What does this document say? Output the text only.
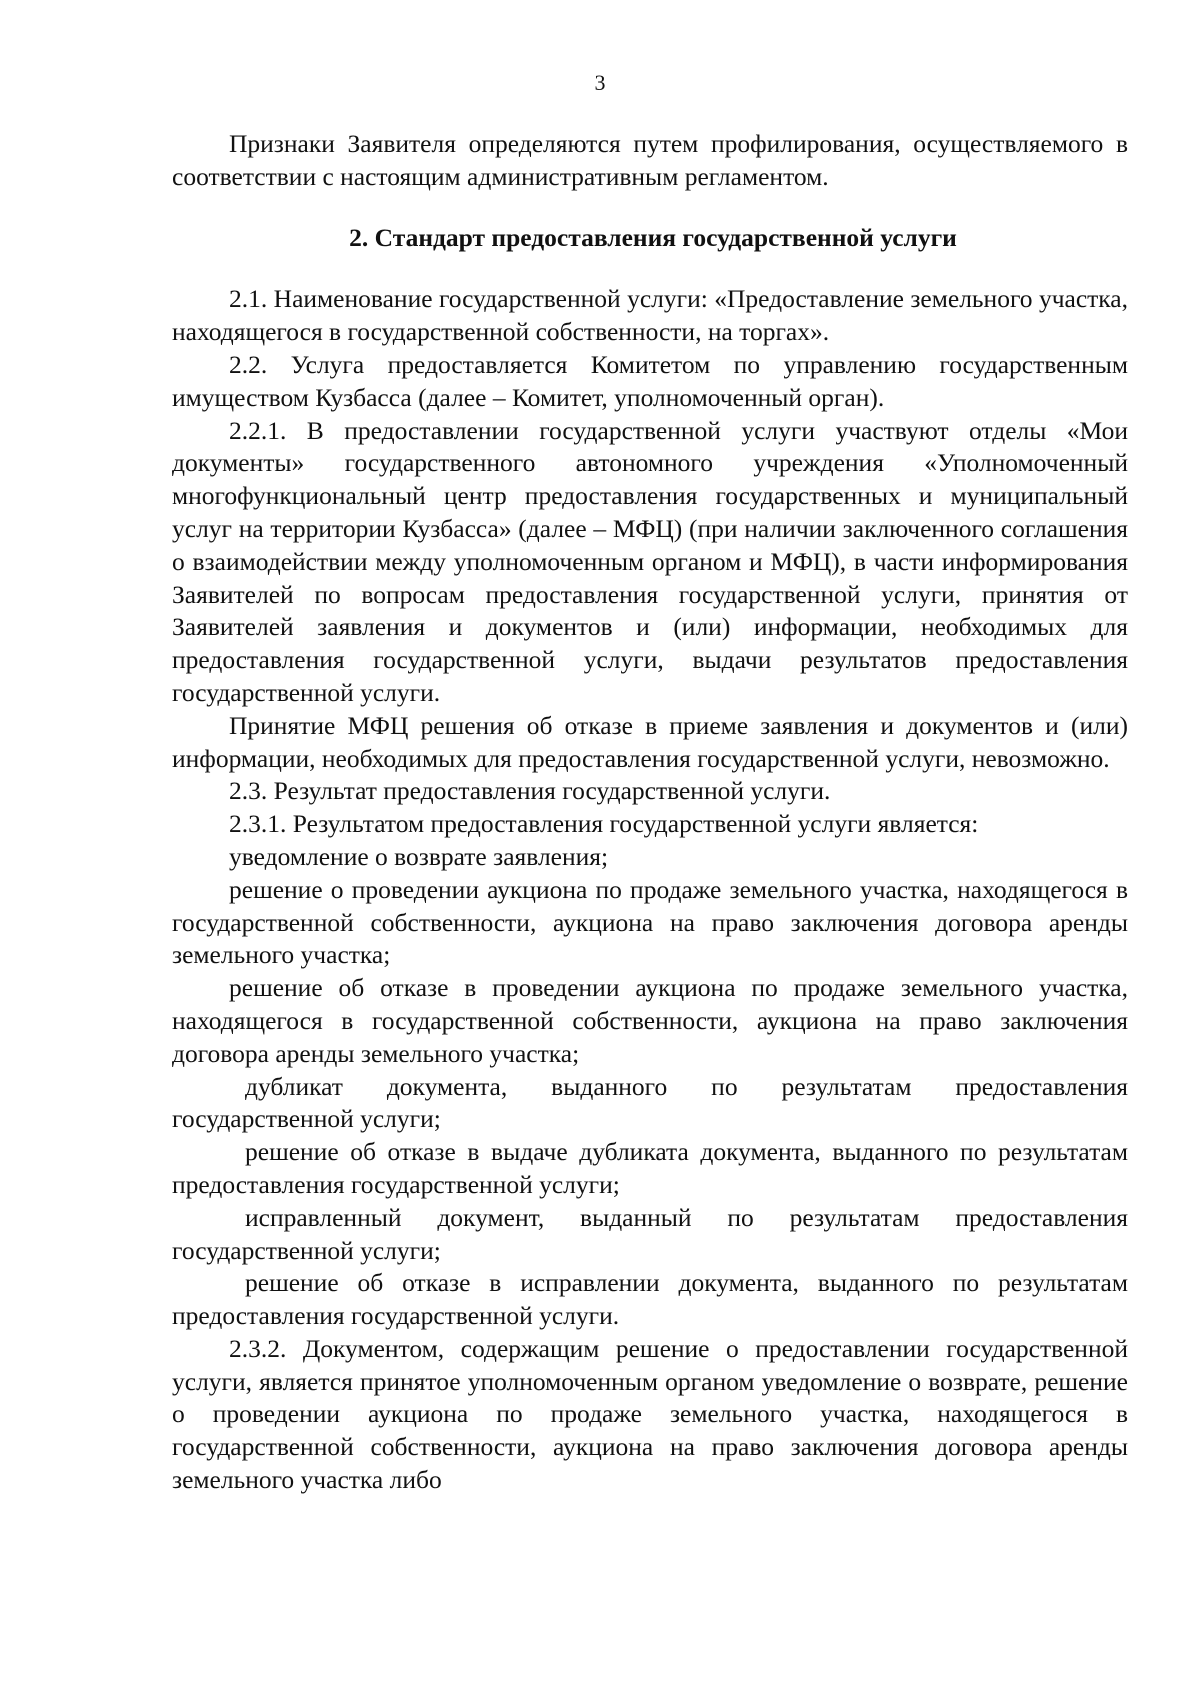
3

Признаки Заявителя определяются путем профилирования, осуществляемого в соответствии с настоящим административным регламентом.

2. Стандарт предоставления государственной услуги

2.1. Наименование государственной услуги: «Предоставление земельного участка, находящегося в государственной собственности, на торгах».

2.2. Услуга предоставляется Комитетом по управлению государственным имуществом Кузбасса (далее – Комитет, уполномоченный орган).

2.2.1. В предоставлении государственной услуги участвуют отделы «Мои документы» государственного автономного учреждения «Уполномоченный многофункциональный центр предоставления государственных и муниципальный услуг на территории Кузбасса» (далее – МФЦ) (при наличии заключенного соглашения о взаимодействии между уполномоченным органом и МФЦ), в части информирования Заявителей по вопросам предоставления государственной услуги, принятия от Заявителей заявления и документов и (или) информации, необходимых для предоставления государственной услуги, выдачи результатов предоставления государственной услуги.

Принятие МФЦ решения об отказе в приеме заявления и документов и (или) информации, необходимых для предоставления государственной услуги, невозможно.

2.3. Результат предоставления государственной услуги.

2.3.1. Результатом предоставления государственной услуги является:

уведомление о возврате заявления;

решение о проведении аукциона по продаже земельного участка, находящегося в государственной собственности, аукциона на право заключения договора аренды земельного участка;

решение об отказе в проведении аукциона по продаже земельного участка, находящегося в государственной собственности, аукциона на право заключения договора аренды земельного участка;

дубликат документа, выданного по результатам предоставления государственной услуги;

решение об отказе в выдаче дубликата документа, выданного по результатам предоставления государственной услуги;

исправленный документ, выданный по результатам предоставления государственной услуги;

решение об отказе в исправлении документа, выданного по результатам предоставления государственной услуги.

2.3.2. Документом, содержащим решение о предоставлении государственной услуги, является принятое уполномоченным органом уведомление о возврате, решение о проведении аукциона по продаже земельного участка, находящегося в государственной собственности, аукциона на право заключения договора аренды земельного участка либо
